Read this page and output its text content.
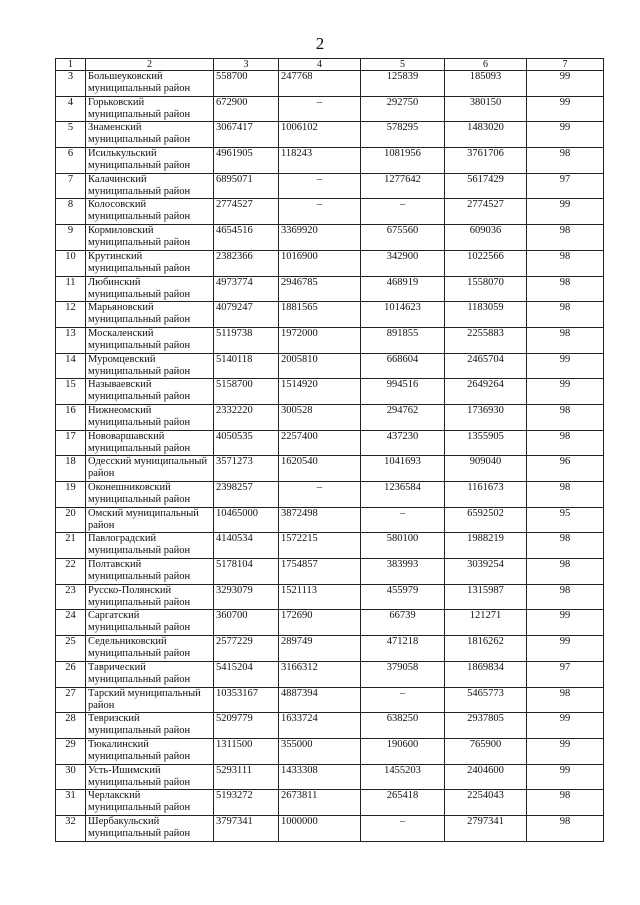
2
1	2	3	4	5	6	7
3	Большеуковский муниципальный район	558700	247768	125839	185093	99
4	Горьковский муниципальный район	672900	–	292750	380150	99
5	Знаменский муниципальный район	3067417	1006102	578295	1483020	99
6	Исилькульский муниципальный район	4961905	118243	1081956	3761706	98
7	Калачинский муниципальный район	6895071	–	1277642	5617429	97
8	Колосовский муниципальный район	2774527	–	–	2774527	99
9	Кормиловский муниципальный район	4654516	3369920	675560	609036	98
10	Крутинский муниципальный район	2382366	1016900	342900	1022566	98
11	Любинский муниципальный район	4973774	2946785	468919	1558070	98
12	Марьяновский муниципальный район	4079247	1881565	1014623	1183059	98
13	Москаленский муниципальный район	5119738	1972000	891855	2255883	98
14	Муромцевский муниципальный район	5140118	2005810	668604	2465704	99
15	Называевский муниципальный район	5158700	1514920	994516	2649264	99
16	Нижнеомский муниципальный район	2332220	300528	294762	1736930	98
17	Нововаршавский муниципальный район	4050535	2257400	437230	1355905	98
18	Одесский муниципальный район	3571273	1620540	1041693	909040	96
19	Оконешниковский муниципальный район	2398257	–	1236584	1161673	98
20	Омский муниципальный район	10465000	3872498	–	6592502	95
21	Павлоградский муниципальный район	4140534	1572215	580100	1988219	98
22	Полтавский муниципальный район	5178104	1754857	383993	3039254	98
23	Русско-Полянский муниципальный район	3293079	1521113	455979	1315987	98
24	Саргатский муниципальный район	360700	172690	66739	121271	99
25	Седельниковский муниципальный район	2577229	289749	471218	1816262	99
26	Таврический муниципальный район	5415204	3166312	379058	1869834	97
27	Тарский муниципальный район	10353167	4887394	–	5465773	98
28	Тевризский муниципальный район	5209779	1633724	638250	2937805	99
29	Тюкалинский муниципальный район	1311500	355000	190600	765900	99
30	Усть-Ишимский муниципальный район	5293111	1433308	1455203	2404600	99
31	Черлакский муниципальный район	5193272	2673811	265418	2254043	98
32	Шербакульский муниципальный район	3797341	1000000	–	2797341	98
